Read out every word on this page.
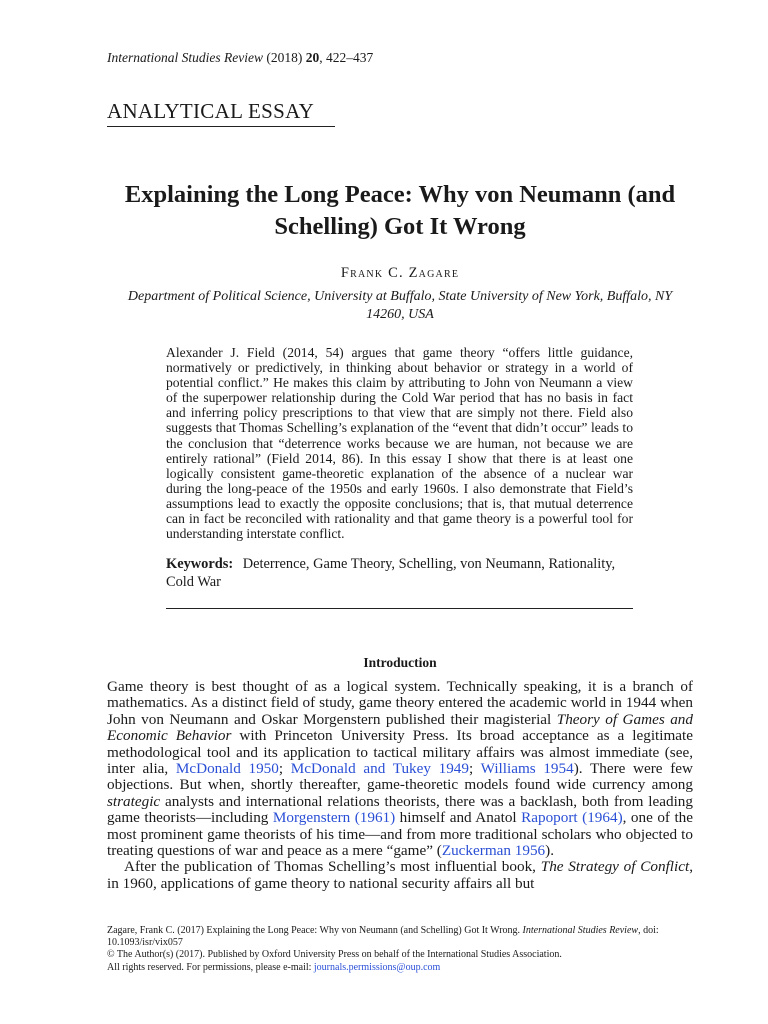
International Studies Review (2018) 20, 422–437
ANALYTICAL ESSAY
Explaining the Long Peace: Why von Neumann (and Schelling) Got It Wrong
Frank C. Zagare
Department of Political Science, University at Buffalo, State University of New York, Buffalo, NY 14260, USA

Alexander J. Field (2014, 54) argues that game theory “offers little guidance, normatively or predictively, in thinking about behavior or strategy in a world of potential conflict.” He makes this claim by attributing to John von Neumann a view of the superpower relationship during the Cold War period that has no basis in fact and inferring policy prescriptions to that view that are simply not there. Field also suggests that Thomas Schelling’s explanation of the “event that didn’t occur” leads to the conclusion that “deterrence works because we are human, not because we are entirely rational” (Field 2014, 86). In this essay I show that there is at least one logically consistent game-theoretic explanation of the absence of a nuclear war during the long-peace of the 1950s and early 1960s. I also demonstrate that Field’s assumptions lead to exactly the opposite conclusions; that is, that mutual deterrence can in fact be reconciled with rationality and that game theory is a powerful tool for understanding interstate conflict.

Keywords: Deterrence, Game Theory, Schelling, von Neumann, Rationality, Cold War

Introduction

Game theory is best thought of as a logical system. Technically speaking, it is a branch of mathematics. As a distinct field of study, game theory entered the academic world in 1944 when John von Neumann and Oskar Morgenstern published their magisterial Theory of Games and Economic Behavior with Princeton University Press. Its broad acceptance as a legitimate methodological tool and its application to tactical military affairs was almost immediate (see, inter alia, McDonald 1950; McDonald and Tukey 1949; Williams 1954). There were few objections. But when, shortly thereafter, game-theoretic models found wide currency among strategic analysts and international relations theorists, there was a backlash, both from leading game theorists—including Morgenstern (1961) himself and Anatol Rapoport (1964), one of the most prominent game theorists of his time—and from more traditional scholars who objected to treating questions of war and peace as a mere “game” (Zuckerman 1956).

After the publication of Thomas Schelling’s most influential book, The Strategy of Conflict, in 1960, applications of game theory to national security affairs all but

Zagare, Frank C. (2017) Explaining the Long Peace: Why von Neumann (and Schelling) Got It Wrong. International Studies Review, doi: 10.1093/isr/vix057
© The Author(s) (2017). Published by Oxford University Press on behalf of the International Studies Association.
All rights reserved. For permissions, please e-mail: journals.permissions@oup.com
